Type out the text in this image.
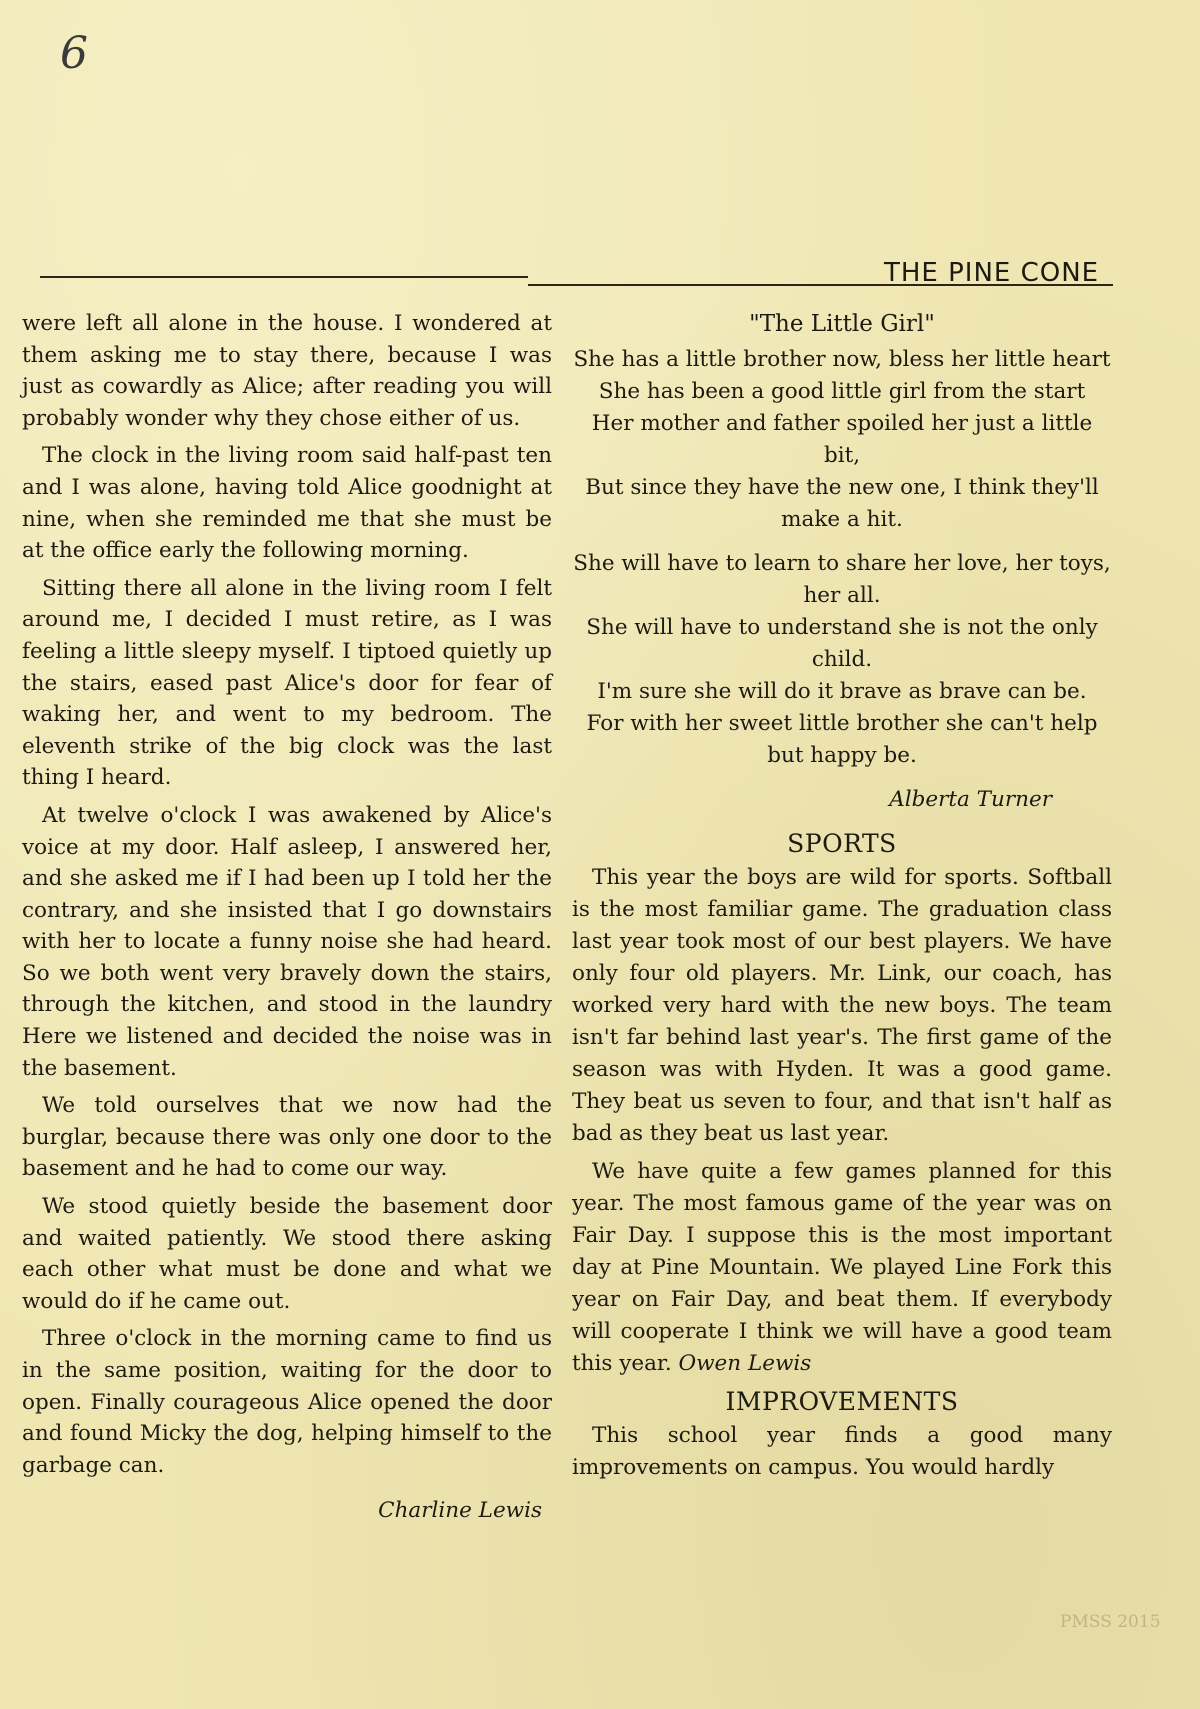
6
THE PINE CONE

were left all alone in the house. I wondered at them asking me to stay there, because I was just as cowardly as Alice; after reading you will probably wonder why they chose either of us.

The clock in the living room said half-past ten and I was alone, having told Alice goodnight at nine, when she reminded me that she must be at the office early the following morning.

Sitting there all alone in the living room I felt around me, I decided I must retire, as I was feeling a little sleepy myself. I tiptoed quietly up the stairs, eased past Alice's door for fear of waking her, and went to my bedroom. The eleventh strike of the big clock was the last thing I heard.

At twelve o'clock I was awakened by Alice's voice at my door. Half asleep, I answered her, and she asked me if I had been up I told her the contrary, and she insisted that I go downstairs with her to locate a funny noise she had heard. So we both went very bravely down the stairs, through the kitchen, and stood in the laundry Here we listened and decided the noise was in the basement.

We told ourselves that we now had the burglar, because there was only one door to the basement and he had to come our way.

We stood quietly beside the basement door and waited patiently. We stood there asking each other what must be done and what we would do if he came out.

Three o'clock in the morning came to find us in the same position, waiting for the door to open. Finally courageous Alice opened the door and found Micky the dog, helping himself to the garbage can.

Charline Lewis
"The Little Girl"

She has a little brother now, bless her little heart

She has been a good little girl from the start

Her mother and father spoiled her just a little bit,

But since they have the new one, I think they'll make a hit.

She will have to learn to share her love, her toys, her all.

She will have to understand she is not the only child.

I'm sure she will do it brave as brave can be.

For with her sweet little brother she can't help but happy be.

Alberta Turner

SPORTS

This year the boys are wild for sports. Softball is the most familiar game. The graduation class last year took most of our best players. We have only four old players. Mr. Link, our coach, has worked very hard with the new boys. The team isn't far behind last year's. The first game of the season was with Hyden. It was a good game. They beat us seven to four, and that isn't half as bad as they beat us last year.

We have quite a few games planned for this year. The most famous game of the year was on Fair Day. I suppose this is the most important day at Pine Mountain. We played Line Fork this year on Fair Day, and beat them. If everybody will cooperate I think we will have a good team this year. Owen Lewis

IMPROVEMENTS

This school year finds a good many improvements on campus. You would hardly

PMSS 2015
